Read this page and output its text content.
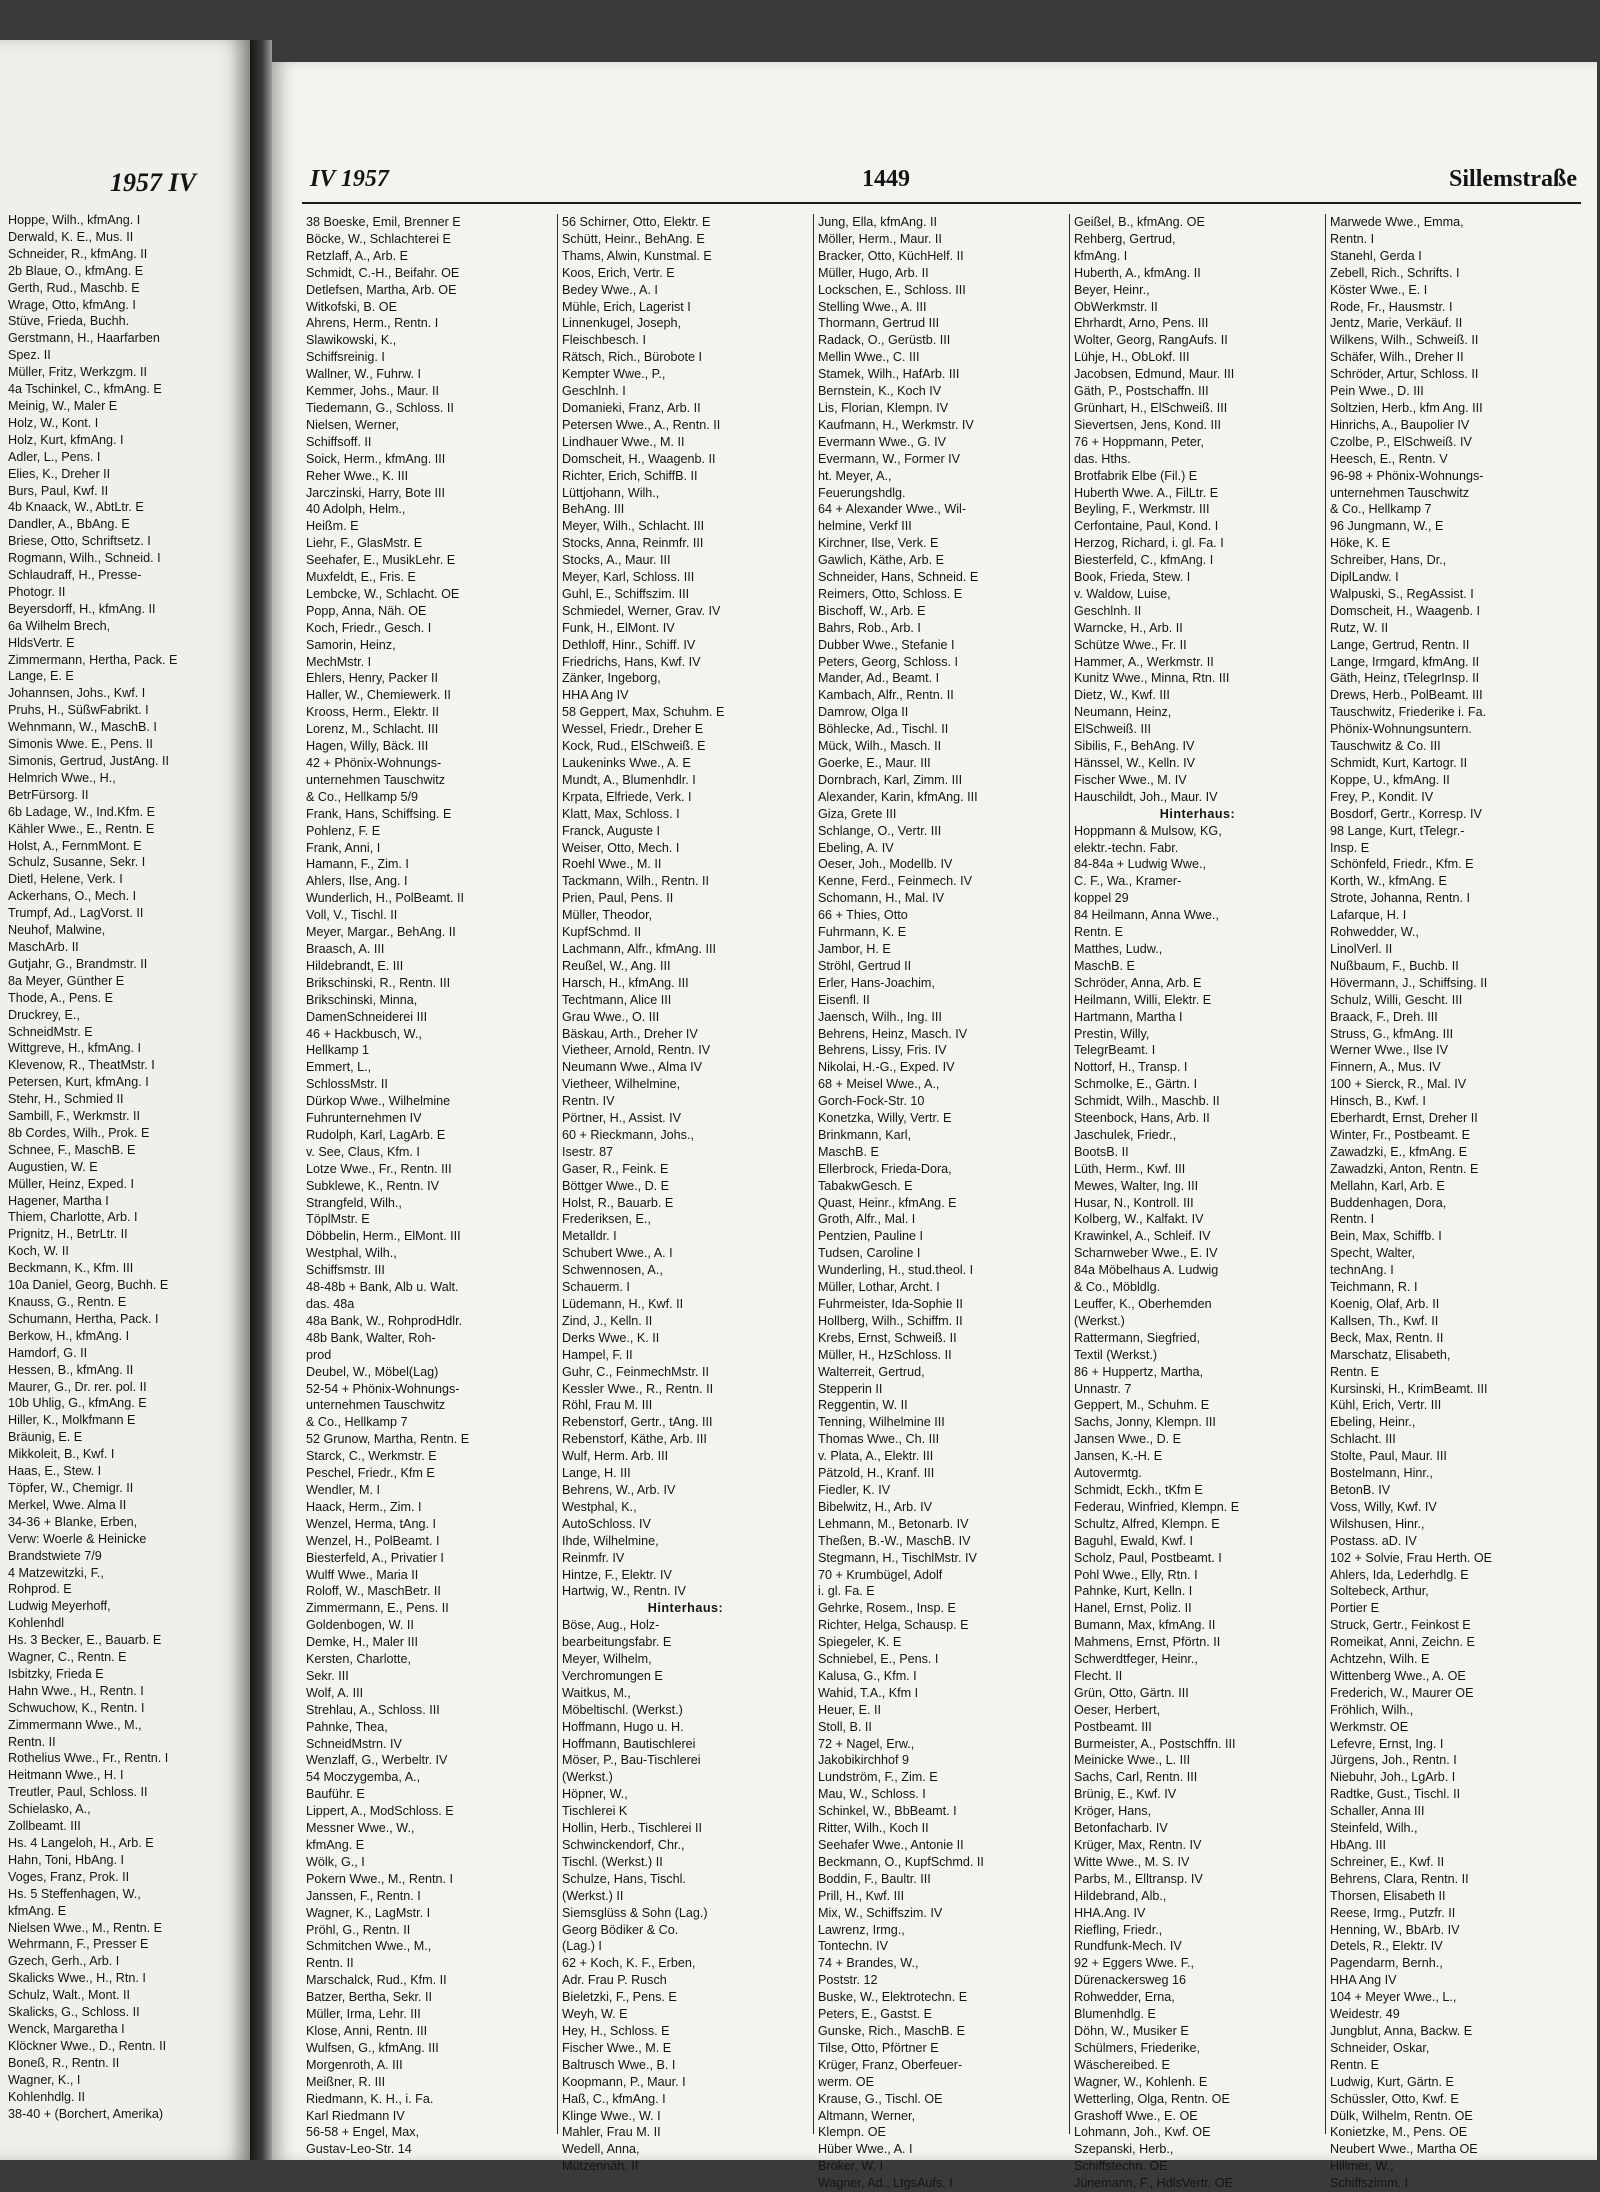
1957 IV
Hoppe, Wilh., kfmAng. I
Derwald, K. E., Mus. II
Schneider, R., kfmAng. II
2b Blaue, O., kfmAng. E
Gerth, Rud., Maschb. E
Wrage, Otto, kfmAng. I
Stüve, Frieda, Buchh.
Gerstmann, H., Haarfarben
Spez. II
Müller, Fritz, Werkzgm. II
4a Tschinkel, C., kfmAng. E
Meinig, W., Maler E
Holz, W., Kont. I
Holz, Kurt, kfmAng. I
Adler, L., Pens. I
Elies, K., Dreher II
Burs, Paul, Kwf. II
4b Knaack, W., AbtLtr. E
Dandler, A., BbAng. E
Briese, Otto, Schriftsetz. I
Rogmann, Wilh., Schneid. I
Schlaudraff, H., Presse-
Photogr. II
Beyersdorff, H., kfmAng. II
6a Wilhelm Brech,
HldsVertr. E
Zimmermann, Hertha, Pack. E
Lange, E. E
Johannsen, Johs., Kwf. I
Pruhs, H., SüßwFabrikt. I
Wehnmann, W., MaschB. I
Simonis Wwe. E., Pens. II
Simonis, Gertrud, JustAng. II
Helmrich Wwe., H.,
BetrFürsorg. II
6b Ladage, W., Ind.Kfm. E
Kähler Wwe., E., Rentn. E
Holst, A., FernmMont. E
Schulz, Susanne, Sekr. I
Dietl, Helene, Verk. I
Ackerhans, O., Mech. I
Trumpf, Ad., LagVorst. II
Neuhof, Malwine,
MaschArb. II
Gutjahr, G., Brandmstr. II
8a Meyer, Günther E
Thode, A., Pens. E
Druckrey, E.,
SchneidMstr. E
Wittgreve, H., kfmAng. I
Klevenow, R., TheatMstr. I
Petersen, Kurt, kfmAng. I
Stehr, H., Schmied II
Sambill, F., Werkmstr. II
8b Cordes, Wilh., Prok. E
Schnee, F., MaschB. E
Augustien, W. E
Müller, Heinz, Exped. I
Hagener, Martha I
Thiem, Charlotte, Arb. I
Prignitz, H., BetrLtr. II
Koch, W. II
Beckmann, K., Kfm. III
10a Daniel, Georg, Buchh. E
Knauss, G., Rentn. E
Schumann, Hertha, Pack. I
Berkow, H., kfmAng. I
Hamdorf, G. II
Hessen, B., kfmAng. II
Maurer, G., Dr. rer. pol. II
10b Uhlig, G., kfmAng. E
Hiller, K., Molkfmann E
Bräunig, E. E
Mikkoleit, B., Kwf. I
Haas, E., Stew. I
Töpfer, W., Chemigr. II
Merkel, Wwe. Alma II
34-36 + Blanke, Erben,
Verw: Woerle & Heinicke
Brandstwiete 7/9
4 Matzewitzki, F.,
Rohprod. E
Ludwig Meyerhoff,
Kohlenhdl
Hs. 3 Becker, E., Bauarb. E
Wagner, C., Rentn. E
Isbitzky, Frieda E
Hahn Wwe., H., Rentn. I
Schwuchow, K., Rentn. I
Zimmermann Wwe., M.,
Rentn. II
Rothelius Wwe., Fr., Rentn. I
Heitmann Wwe., H. I
Treutler, Paul, Schloss. II
Schielasko, A.,
Zollbeamt. III
Hs. 4 Langeloh, H., Arb. E
Hahn, Toni, HbAng. I
Voges, Franz, Prok. II
Hs. 5 Steffenhagen, W.,
kfmAng. E
Nielsen Wwe., M., Rentn. E
Wehrmann, F., Presser E
Gzech, Gerh., Arb. I
Skalicks Wwe., H., Rtn. I
Schulz, Walt., Mont. II
Skalicks, G., Schloss. II
Wenck, Margaretha I
Klöckner Wwe., D., Rentn. II
Boneß, R., Rentn. II
Wagner, K., I
Kohlenhdlg. II
38-40 + (Borchert, Amerika)
IV 1957	1449	Sillemstraße
38 Boeske, Emil, Brenner E
Böcke, W., Schlachterei E
Retzlaff, A., Arb. E
Schmidt, C.-H., Beifahr. OE
Detlefsen, Martha, Arb. OE
Witkofski, B. OE
Ahrens, Herm., Rentn. I
Slawikowski, K.,
Schiffsreinig. I
Wallner, W., Fuhrw. I
Kemmer, Johs., Maur. II
Tiedemann, G., Schloss. II
Nielsen, Werner,
Schiffsoff. II
Soick, Herm., kfmAng. III
Reher Wwe., K. III
Jarczinski, Harry, Bote III
40 Adolph, Helm.,
Heißm. E
Liehr, F., GlasMstr. E
Seehafer, E., MusikLehr. E
Muxfeldt, E., Fris. E
Lembcke, W., Schlacht. OE
Popp, Anna, Näh. OE
Koch, Friedr., Gesch. I
Samorin, Heinz,
MechMstr. I
Ehlers, Henry, Packer II
Haller, W., Chemiewerk. II
Krooss, Herm., Elektr. II
Lorenz, M., Schlacht. III
Hagen, Willy, Bäck. III
42 + Phönix-Wohnungs-
unternehmen Tauschwitz
& Co., Hellkamp 5/9
Frank, Hans, Schiffsing. E
Pohlenz, F. E
Frank, Anni, I
Hamann, F., Zim. I
Ahlers, Ilse, Ang. I
Wunderlich, H., PolBeamt. II
Voll, V., Tischl. II
Meyer, Margar., BehAng. II
Braasch, A. III
Hildebrandt, E. III
Brikschinski, R., Rentn. III
Brikschinski, Minna,
DamenSchneiderei III
46 + Hackbusch, W.,
Hellkamp 1
Emmert, L.,
SchlossMstr. II
Dürkop Wwe., Wilhelmine
Fuhrunternehmen IV
Rudolph, Karl, LagArb. E
v. See, Claus, Kfm. I
Lotze Wwe., Fr., Rentn. III
Subklewe, K., Rentn. IV
Strangfeld, Wilh.,
TöplMstr. E
Döbbelin, Herm., ElMont. III
Westphal, Wilh.,
Schiffsmstr. III
48-48b + Bank, Alb u. Walt.
das. 48a
48a Bank, W., RohprodHdlr.
48b Bank, Walter, Roh-
prod
Deubel, W., Möbel(Lag)
52-54 + Phönix-Wohnungs-
unternehmen Tauschwitz
& Co., Hellkamp 7
52 Grunow, Martha, Rentn. E
Starck, C., Werkmstr. E
Peschel, Friedr., Kfm E
Wendler, M. I
Haack, Herm., Zim. I
Wenzel, Herma, tAng. I
Wenzel, H., PolBeamt. I
Biesterfeld, A., Privatier I
Wulff Wwe., Maria II
Roloff, W., MaschBetr. II
Zimmermann, E., Pens. II
Goldenbogen, W. II
Demke, H., Maler III
Kersten, Charlotte,
Sekr. III
Wolf, A. III
Strehlau, A., Schloss. III
Pahnke, Thea,
SchneidMstrn. IV
Wenzlaff, G., Werbeltr. IV
54 Moczygemba, A.,
Bauführ. E
Lippert, A., ModSchloss. E
Messner Wwe., W.,
kfmAng. E
Wölk, G., I
Pokern Wwe., M., Rentn. I
Janssen, F., Rentn. I
Wagner, K., LagMstr. I
Pröhl, G., Rentn. II
Schmitchen Wwe., M.,
Rentn. II
Marschalck, Rud., Kfm. II
Batzer, Bertha, Sekr. II
Müller, Irma, Lehr. III
Klose, Anni, Rentn. III
Wulfsen, G., kfmAng. III
Morgenroth, A. III
Meißner, R. III
Riedmann, K. H., i. Fa.
Karl Riedmann IV
56-58 + Engel, Max,
Gustav-Leo-Str. 14
56 Schirner, Otto, Elektr. E
Schütt, Heinr., BehAng. E
Thams, Alwin, Kunstmal. E
Koos, Erich, Vertr. E
Bedey Wwe., A. I
Mühle, Erich, Lagerist I
Linnenkugel, Joseph,
Fleischbesch. I
Rätsch, Rich., Bürobote I
Kempter Wwe., P.,
Geschlnh. I
Domanieki, Franz, Arb. II
Petersen Wwe., A., Rentn. II
Lindhauer Wwe., M. II
Domscheit, H., Waagenb. II
Richter, Erich, SchiffB. II
Lüttjohann, Wilh.,
BehAng. III
Meyer, Wilh., Schlacht. III
Stocks, Anna, Reinmfr. III
Stocks, A., Maur. III
Meyer, Karl, Schloss. III
Guhl, E., Schiffszim. III
Schmiedel, Werner, Grav. IV
Funk, H., ElMont. IV
Dethloff, Hinr., Schiff. IV
Friedrichs, Hans, Kwf. IV
Zänker, Ingeborg,
HHA Ang IV
58 Geppert, Max, Schuhm. E
Wessel, Friedr., Dreher E
Kock, Rud., ElSchweiß. E
Laukeninks Wwe., A. E
Mundt, A., Blumenhdlr. I
Krpata, Elfriede, Verk. I
Klatt, Max, Schloss. I
Franck, Auguste I
Weiser, Otto, Mech. I
Roehl Wwe., M. II
Tackmann, Wilh., Rentn. II
Prien, Paul, Pens. II
Müller, Theodor,
KupfSchmd. II
Lachmann, Alfr., kfmAng. III
Reußel, W., Ang. III
Harsch, H., kfmAng. III
Techtmann, Alice III
Grau Wwe., O. III
Bäskau, Arth., Dreher IV
Vietheer, Arnold, Rentn. IV
Neumann Wwe., Alma IV
Vietheer, Wilhelmine,
Rentn. IV
Pörtner, H., Assist. IV
60 + Rieckmann, Johs.,
Isestr. 87
Gaser, R., Feink. E
Böttger Wwe., D. E
Holst, R., Bauarb. E
Frederiksen, E.,
Metalldr. I
Schubert Wwe., A. I
Schwennosen, A.,
Schauerm. I
Lüdemann, H., Kwf. II
Zind, J., Kelln. II
Derks Wwe., K. II
Hampel, F. II
Guhr, C., FeinmechMstr. II
Kessler Wwe., R., Rentn. II
Röhl, Frau M. III
Rebenstorf, Gertr., tAng. III
Rebenstorf, Käthe, Arb. III
Wulf, Herm. Arb. III
Lange, H. III
Behrens, W., Arb. IV
Westphal, K.,
AutoSchloss. IV
Ihde, Wilhelmine,
Reinmfr. IV
Hintze, F., Elektr. IV
Hartwig, W., Rentn. IV
Hinterhaus:
Böse, Aug., Holz-
bearbeitungsfabr. E
Meyer, Wilhelm,
Verchromungen E
Waitkus, M.,
Möbeltischl. (Werkst.)
Hoffmann, Hugo u. H.
Hoffmann, Bautischlerei
Möser, P., Bau-Tischlerei
(Werkst.)
Höpner, W.,
Tischlerei K
Hollin, Herb., Tischlerei II
Schwinckendorf, Chr.,
Tischl. (Werkst.) II
Schulze, Hans, Tischl.
(Werkst.) II
Siemsglüss & Sohn (Lag.)
Georg Bödiker & Co.
(Lag.) I
62 + Koch, K. F., Erben,
Adr. Frau P. Rusch
Bieletzki, F., Pens. E
Weyh, W. E
Hey, H., Schloss. E
Fischer Wwe., M. E
Baltrusch Wwe., B. I
Koopmann, P., Maur. I
Haß, C., kfmAng. I
Klinge Wwe., W. I
Mahler, Frau M. II
Wedell, Anna,
Mützennäh. II
Jung, Ella, kfmAng. II
Möller, Herm., Maur. II
Bracker, Otto, KüchHelf. II
Müller, Hugo, Arb. II
Lockschen, E., Schloss. III
Stelling Wwe., A. III
Thormann, Gertrud III
Radack, O., Gerüstb. III
Mellin Wwe., C. III
Stamek, Wilh., HafArb. III
Bernstein, K., Koch IV
Lis, Florian, Klempn. IV
Kaufmann, H., Werkmstr. IV
Evermann Wwe., G. IV
Evermann, W., Former IV
ht. Meyer, A.,
Feuerungshdlg.
64 + Alexander Wwe., Wil-
helmine, Verkf III
Kirchner, Ilse, Verk. E
Gawlich, Käthe, Arb. E
Schneider, Hans, Schneid. E
Reimers, Otto, Schloss. E
Bischoff, W., Arb. E
Bahrs, Rob., Arb. I
Dubber Wwe., Stefanie I
Peters, Georg, Schloss. I
Mander, Ad., Beamt. I
Kambach, Alfr., Rentn. II
Damrow, Olga II
Böhlecke, Ad., Tischl. II
Mück, Wilh., Masch. II
Goerke, E., Maur. III
Dornbrach, Karl, Zimm. III
Alexander, Karin, kfmAng. III
Giza, Grete III
Schlange, O., Vertr. III
Ebeling, A. IV
Oeser, Joh., Modellb. IV
Kenne, Ferd., Feinmech. IV
Schomann, H., Mal. IV
66 + Thies, Otto
Fuhrmann, K. E
Jambor, H. E
Ströhl, Gertrud II
Erler, Hans-Joachim,
Eisenfl. II
Jaensch, Wilh., Ing. III
Behrens, Heinz, Masch. IV
Behrens, Lissy, Fris. IV
Nikolai, H.-G., Exped. IV
68 + Meisel Wwe., A.,
Gorch-Fock-Str. 10
Konetzka, Willy, Vertr. E
Brinkmann, Karl,
MaschB. E
Ellerbrock, Frieda-Dora,
TabakwGesch. E
Quast, Heinr., kfmAng. E
Groth, Alfr., Mal. I
Pentzien, Pauline I
Tudsen, Caroline I
Wunderling, H., stud.theol. I
Müller, Lothar, Archt. I
Fuhrmeister, Ida-Sophie II
Hollberg, Wilh., Schiffm. II
Krebs, Ernst, Schweiß. II
Müller, H., HzSchloss. II
Walterreit, Gertrud,
Stepperin II
Reggentin, W. II
Tenning, Wilhelmine III
Thomas Wwe., Ch. III
v. Plata, A., Elektr. III
Pätzold, H., Kranf. III
Fiedler, K. IV
Bibelwitz, H., Arb. IV
Lehmann, M., Betonarb. IV
Theßen, B.-W., MaschB. IV
Stegmann, H., TischlMstr. IV
70 + Krumbügel, Adolf
i. gl. Fa. E
Gehrke, Rosem., Insp. E
Richter, Helga, Schausp. E
Spiegeler, K. E
Schniebel, E., Pens. I
Kalusa, G., Kfm. I
Wahid, T.A., Kfm I
Heuer, E. II
Stoll, B. II
72 + Nagel, Erw.,
Jakobikirchhof 9
Lundström, F., Zim. E
Mau, W., Schloss. I
Schinkel, W., BbBeamt. I
Ritter, Wilh., Koch II
Seehafer Wwe., Antonie II
Beckmann, O., KupfSchmd. II
Boddin, F., Baultr. III
Prill, H., Kwf. III
Mix, W., Schiffszim. IV
Lawrenz, Irmg.,
Tontechn. IV
74 + Brandes, W.,
Poststr. 12
Buske, W., Elektrotechn. E
Peters, E., Gastst. E
Gunske, Rich., MaschB. E
Tilse, Otto, Pförtner E
Krüger, Franz, Oberfeuer-
werm. OE
Krause, G., Tischl. OE
Altmann, Werner,
Klempn. OE
Hüber Wwe., A. I
Bröker, W. I
Wagner, Ad., LtgsAufs. I
Geißel, B., kfmAng. OE
Rehberg, Gertrud,
kfmAng. I
Huberth, A., kfmAng. II
Beyer, Heinr.,
ObWerkmstr. II
Ehrhardt, Arno, Pens. III
Wolter, Georg, RangAufs. II
Lühje, H., ObLokf. III
Jacobsen, Edmund, Maur. III
Gäth, P., Postschaffn. III
Grünhart, H., ElSchweiß. III
Sievertsen, Jens, Kond. III
76 + Hoppmann, Peter,
das. Hths.
Brotfabrik Elbe (Fil.) E
Huberth Wwe. A., FilLtr. E
Beyling, F., Werkmstr. III
Cerfontaine, Paul, Kond. I
Herzog, Richard, i. gl. Fa. I
Biesterfeld, C., kfmAng. I
Book, Frieda, Stew. I
v. Waldow, Luise,
Geschlnh. II
Warncke, H., Arb. II
Schütze Wwe., Fr. II
Hammer, A., Werkmstr. II
Kunitz Wwe., Minna, Rtn. III
Dietz, W., Kwf. III
Neumann, Heinz,
ElSchweiß. III
Sibilis, F., BehAng. IV
Hänssel, W., Kelln. IV
Fischer Wwe., M. IV
Hauschildt, Joh., Maur. IV
Hinterhaus:
Hoppmann & Mulsow, KG,
elektr.-techn. Fabr.
84-84a + Ludwig Wwe.,
C. F., Wa., Kramer-
koppel 29
84 Heilmann, Anna Wwe.,
Rentn. E
Matthes, Ludw.,
MaschB. E
Schröder, Anna, Arb. E
Heilmann, Willi, Elektr. E
Hartmann, Martha I
Prestin, Willy,
TelegrBeamt. I
Nottorf, H., Transp. I
Schmolke, E., Gärtn. I
Schmidt, Wilh., Maschb. II
Steenbock, Hans, Arb. II
Jaschulek, Friedr.,
BootsB. II
Lüth, Herm., Kwf. III
Mewes, Walter, Ing. III
Husar, N., Kontroll. III
Kolberg, W., Kalfakt. IV
Krawinkel, A., Schleif. IV
Scharnweber Wwe., E. IV
84a Möbelhaus A. Ludwig
& Co., Möbldlg.
Leuffer, K., Oberhemden
(Werkst.)
Rattermann, Siegfried,
Textil (Werkst.)
86 + Huppertz, Martha,
Unnastr. 7
Geppert, M., Schuhm. E
Sachs, Jonny, Klempn. III
Jansen Wwe., D. E
Jansen, K.-H. E
Autovermtg.
Schmidt, Eckh., tKfm E
Federau, Winfried, Klempn. E
Schultz, Alfred, Klempn. E
Baguhl, Ewald, Kwf. I
Scholz, Paul, Postbeamt. I
Pohl Wwe., Elly, Rtn. I
Pahnke, Kurt, Kelln. I
Hanel, Ernst, Poliz. II
Bumann, Max, kfmAng. II
Mahmens, Ernst, Pförtn. II
Schwerdtfeger, Heinr.,
Flecht. II
Grün, Otto, Gärtn. III
Oeser, Herbert,
Postbeamt. III
Burmeister, A., Postschffn. III
Meinicke Wwe., L. III
Sachs, Carl, Rentn. III
Brünig, E., Kwf. IV
Kröger, Hans,
Betonfacharb. IV
Krüger, Max, Rentn. IV
Witte Wwe., M. S. IV
Parbs, M., Elltransp. IV
Hildebrand, Alb.,
HHA.Ang. IV
Riefling, Friedr.,
Rundfunk-Mech. IV
92 + Eggers Wwe. F.,
Dürenackersweg 16
Rohwedder, Erna,
Blumenhdlg. E
Döhn, W., Musiker E
Schülmers, Friederike,
Wäschereibed. E
Wagner, W., Kohlenh. E
Wetterling, Olga, Rentn. OE
Grashoff Wwe., E. OE
Lohmann, Joh., Kwf. OE
Szepanski, Herb.,
Schiffstechn. OE
Jünemann, F., HdlsVertr. OE
Marwede Wwe., Emma,
Rentn. I
Stanehl, Gerda I
Zebell, Rich., Schrifts. I
Köster Wwe., E. I
Rode, Fr., Hausmstr. I
Jentz, Marie, Verkäuf. II
Wilkens, Wilh., Schweiß. II
Schäfer, Wilh., Dreher II
Schröder, Artur, Schloss. II
Pein Wwe., D. III
Soltzien, Herb., kfm Ang. III
Hinrichs, A., Baupolier IV
Czolbe, P., ElSchweiß. IV
Heesch, E., Rentn. V
96-98 + Phönix-Wohnungs-
unternehmen Tauschwitz
& Co., Hellkamp 7
96 Jungmann, W., E
Höke, K. E
Schreiber, Hans, Dr.,
DiplLandw. I
Walpuski, S., RegAssist. I
Domscheit, H., Waagenb. I
Rutz, W. II
Lange, Gertrud, Rentn. II
Lange, Irmgard, kfmAng. II
Gäth, Heinz, tTelegrInsp. II
Drews, Herb., PolBeamt. III
Tauschwitz, Friederike i. Fa.
Phönix-Wohnungsuntern.
Tauschwitz & Co. III
Schmidt, Kurt, Kartogr. II
Koppe, U., kfmAng. II
Frey, P., Kondit. IV
Bosdorf, Gertr., Korresp. IV
98 Lange, Kurt, tTelegr.-
Insp. E
Schönfeld, Friedr., Kfm. E
Korth, W., kfmAng. E
Strote, Johanna, Rentn. I
Lafarque, H. I
Rohwedder, W.,
LinolVerl. II
Nußbaum, F., Buchb. II
Hövermann, J., Schiffsing. II
Schulz, Willi, Gescht. III
Braack, F., Dreh. III
Struss, G., kfmAng. III
Werner Wwe., Ilse IV
Finnern, A., Mus. IV
100 + Sierck, R., Mal. IV
Hinsch, B., Kwf. I
Eberhardt, Ernst, Dreher II
Winter, Fr., Postbeamt. E
Zawadzki, E., kfmAng. E
Zawadzki, Anton, Rentn. E
Mellahn, Karl, Arb. E
Buddenhagen, Dora,
Rentn. I
Bein, Max, Schiffb. I
Specht, Walter,
technAng. I
Teichmann, R. I
Koenig, Olaf, Arb. II
Kallsen, Th., Kwf. II
Beck, Max, Rentn. II
Marschatz, Elisabeth,
Rentn. E
Kursinski, H., KrimBeamt. III
Kühl, Erich, Vertr. III
Ebeling, Heinr.,
Schlacht. III
Stolte, Paul, Maur. III
Bostelmann, Hinr.,
BetonB. IV
Voss, Willy, Kwf. IV
Wilshusen, Hinr.,
Postass. aD. IV
102 + Solvie, Frau Herth. OE
Ahlers, Ida, Lederhdlg. E
Soltebeck, Arthur,
Portier E
Struck, Gertr., Feinkost E
Romeikat, Anni, Zeichn. E
Achtzehn, Wilh. E
Wittenberg Wwe., A. OE
Frederich, W., Maurer OE
Fröhlich, Wilh.,
Werkmstr. OE
Lefevre, Ernst, Ing. I
Jürgens, Joh., Rentn. I
Niebuhr, Joh., LgArb. I
Radtke, Gust., Tischl. II
Schaller, Anna III
Steinfeld, Wilh.,
HbAng. III
Schreiner, E., Kwf. II
Behrens, Clara, Rentn. II
Thorsen, Elisabeth II
Reese, Irmg., Putzfr. II
Henning, W., BbArb. IV
Detels, R., Elektr. IV
Pagendarm, Bernh.,
HHA Ang IV
104 + Meyer Wwe., L.,
Weidestr. 49
Jungblut, Anna, Backw. E
Schneider, Oskar,
Rentn. E
Ludwig, Kurt, Gärtn. E
Schüssler, Otto, Kwf. E
Dülk, Wilhelm, Rentn. OE
Konietzke, M., Pens. OE
Neubert Wwe., Martha OE
Hillmer, W.,
Schiffszimm. I
